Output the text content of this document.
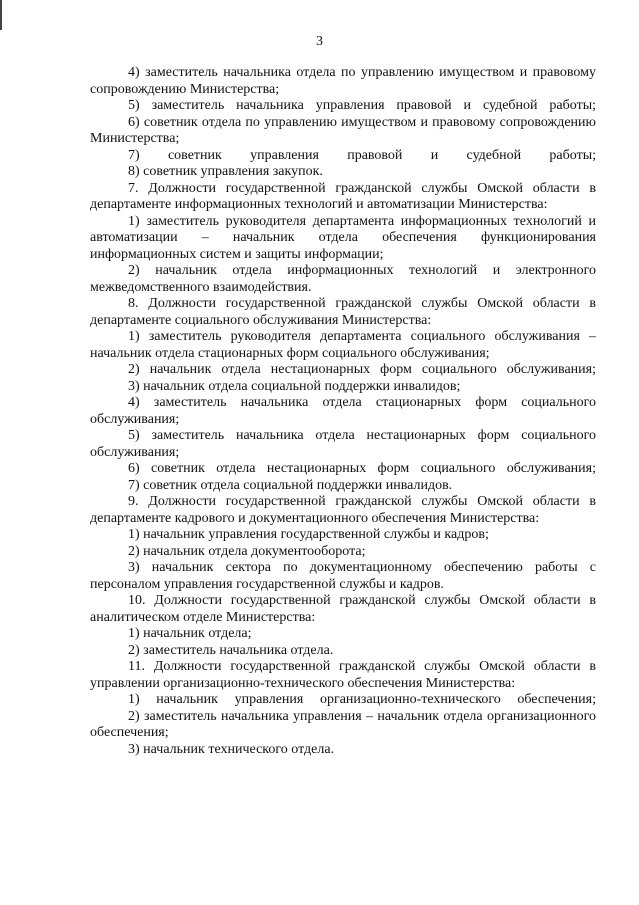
3

4) заместитель начальника отдела по управлению имуществом и правовому сопровождению Министерства;

5) заместитель начальника управления правовой и судебной работы;

6) советник отдела по управлению имуществом и правовому сопровождению Министерства;

7) советник управления правовой и судебной работы;

8) советник управления закупок.

7. Должности государственной гражданской службы Омской области в департаменте информационных технологий и автоматизации Министерства:

1) заместитель руководителя департамента информационных технологий и автоматизации – начальник отдела обеспечения функционирования информационных систем и защиты информации;

2) начальник отдела информационных технологий и электронного межведомственного взаимодействия.

8. Должности государственной гражданской службы Омской области в департаменте социального обслуживания Министерства:

1) заместитель руководителя департамента социального обслуживания – начальник отдела стационарных форм социального обслуживания;

2) начальник отдела нестационарных форм социального обслуживания;

3) начальник отдела социальной поддержки инвалидов;

4) заместитель начальника отдела стационарных форм социального обслуживания;

5) заместитель начальника отдела нестационарных форм социального обслуживания;

6) советник отдела нестационарных форм социального обслуживания;

7) советник отдела социальной поддержки инвалидов.

9. Должности государственной гражданской службы Омской области в департаменте кадрового и документационного обеспечения Министерства:

1) начальник управления государственной службы и кадров;

2) начальник отдела документооборота;

3) начальник сектора по документационному обеспечению работы с персоналом управления государственной службы и кадров.

10. Должности государственной гражданской службы Омской области в аналитическом отделе Министерства:

1) начальник отдела;

2) заместитель начальника отдела.

11. Должности государственной гражданской службы Омской области в управлении организационно-технического обеспечения Министерства:

1) начальник управления организационно-технического обеспечения;

2) заместитель начальника управления – начальник отдела организационного обеспечения;

3) начальник технического отдела.
